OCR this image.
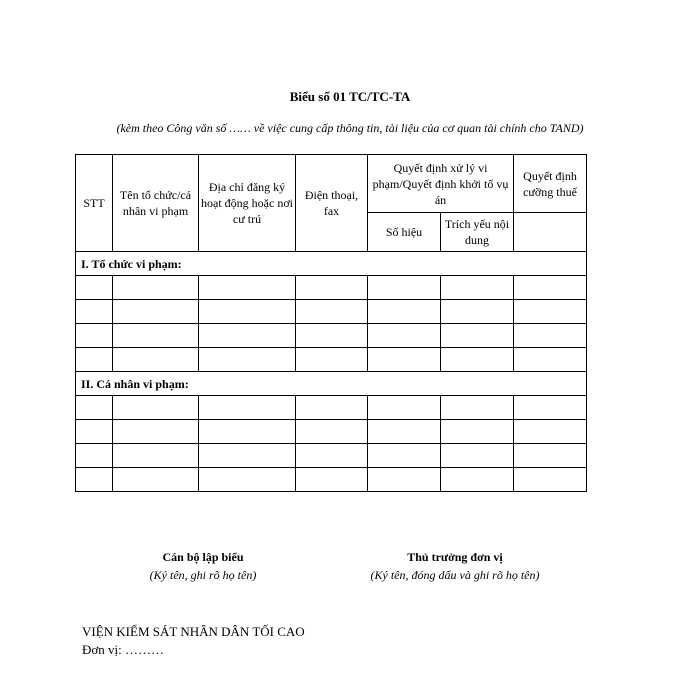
Biểu số 01 TC/TC-TA
(kèm theo Công văn số …… về việc cung cấp thông tin, tài liệu của cơ quan tài chính cho TAND)
STT	Tên tổ chức/cá nhân vi phạm	Địa chỉ đăng ký hoạt động hoặc nơi cư trú	Điện thoại, fax	Quyết định xử lý vi phạm/Quyết định khởi tố vụ án		Quyết định cưỡng thuế
				Số hiệu	Trích yếu nội dung	
I. Tổ chức vi phạm:						

II. Cá nhân vi phạm:						

Cán bộ lập biểu
(Ký tên, ghi rõ họ tên)
Thủ trưởng đơn vị
(Ký tên, đóng dấu và ghi rõ họ tên)
VIỆN KIỂM SÁT NHÂN DÂN TỐI CAO
Đơn vị: ………
